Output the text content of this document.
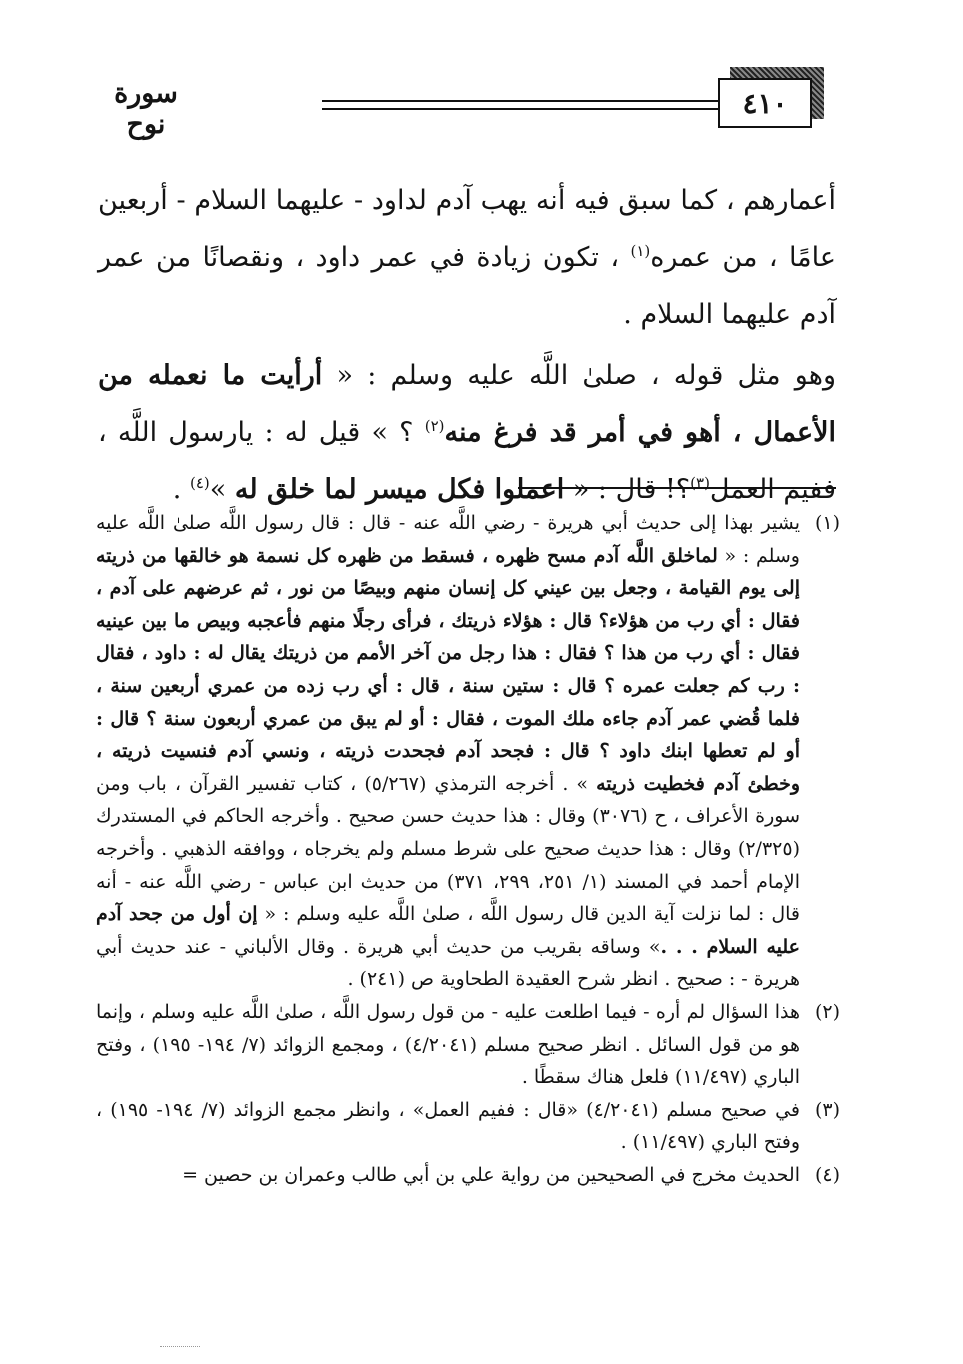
سورة نوح
٤١٠

أعمارهم ، كما سبق فيه أنه يهب آدم لداود - عليهما السلام - أربعين عامًا ، من عمره$^{(١)}$ ، تكون زيادة في عمر داود ، ونقصانًا من عمر آدم عليهما السلام .

وهو مثل قوله ، صلىٰ اللَّه عليه وسلم : « أرأيت ما نعمله من الأعمال ، أهو في أمر قد فرغ منه$^{(٢)}$ ؟ » قيل له : يارسول اللَّه ، ففيم العمل$^{(٣)}$؟! قال : « اعملوا فكل ميسر لما خلق له »$^{(٤)}$ .

(١)
يشير بهذا إلى حديث أبي هريرة - رضي اللَّه عنه - قال : قال رسول اللَّه صلىٰ اللَّه عليه وسلم : « لماخلق اللَّه آدم مسح ظهره ، فسقط من ظهره كل نسمة هو خالقها من ذريته إلى يوم القيامة ، وجعل بين عيني كل إنسان منهم وبيصًا من نور ، ثم عرضهم على آدم ، فقال : أي رب من هؤلاء؟ قال : هؤلاء ذريتك ، فرأى رجلًا منهم فأعجبه وبيص ما بين عينيه فقال : أي رب من هذا ؟ فقال : هذا رجل من آخر الأمم من ذريتك يقال له : داود ، فقال : رب كم جعلت عمره ؟ قال : ستين سنة ، قال : أي رب زده من عمري أربعين سنة ، فلما قُضي عمر آدم جاءه ملك الموت ، فقال : أو لم يبق من عمري أربعون سنة ؟ قال : أو لم تعطها ابنك داود ؟ قال : فجحد آدم فجحدت ذريته ، ونسي آدم فنسيت ذريته ، وخطئ آدم فخطيت ذريته » . أخرجه الترمذي (٥/٢٦٧) ، كتاب تفسير القرآن ، باب ومن سورة الأعراف ، ح (٣٠٧٦) وقال : هذا حديث حسن صحيح . وأخرجه الحاكم في المستدرك (٢/٣٢٥) وقال : هذا حديث صحيح على شرط مسلم ولم يخرجاه ، ووافقه الذهبي . وأخرجه الإمام أحمد في المسند (١/ ٢٥١، ٢٩٩، ٣٧١) من حديث ابن عباس - رضي اللَّه عنه - أنه قال : لما نزلت آية الدين قال رسول اللَّه ، صلىٰ اللَّه عليه وسلم : « إن أول من جحد آدم عليه السلام . . .» وساقه بقريب من حديث أبي هريرة . وقال الألباني - عند حديث أبي هريرة - : صحيح . انظر شرح العقيدة الطحاوية ص (٢٤١) .

(٢)
هذا السؤال لم أره - فيما اطلعت عليه - من قول رسول اللَّه ، صلىٰ اللَّه عليه وسلم ، وإنما هو من قول السائل . انظر صحيح مسلم (٤/٢٠٤١) ، ومجمع الزوائد (٧/ ١٩٤- ١٩٥) ، وفتح الباري (١١/٤٩٧) فلعل هناك سقطًا .

(٣)
في صحيح مسلم (٤/٢٠٤١) «قال : ففيم العمل» ، وانظر مجمع الزوائد (٧/ ١٩٤- ١٩٥) ، وفتح الباري (١١/٤٩٧) .

(٤)
الحديث مخرج في الصحيحين من رواية علي بن أبي طالب وعمران بن حصين =
